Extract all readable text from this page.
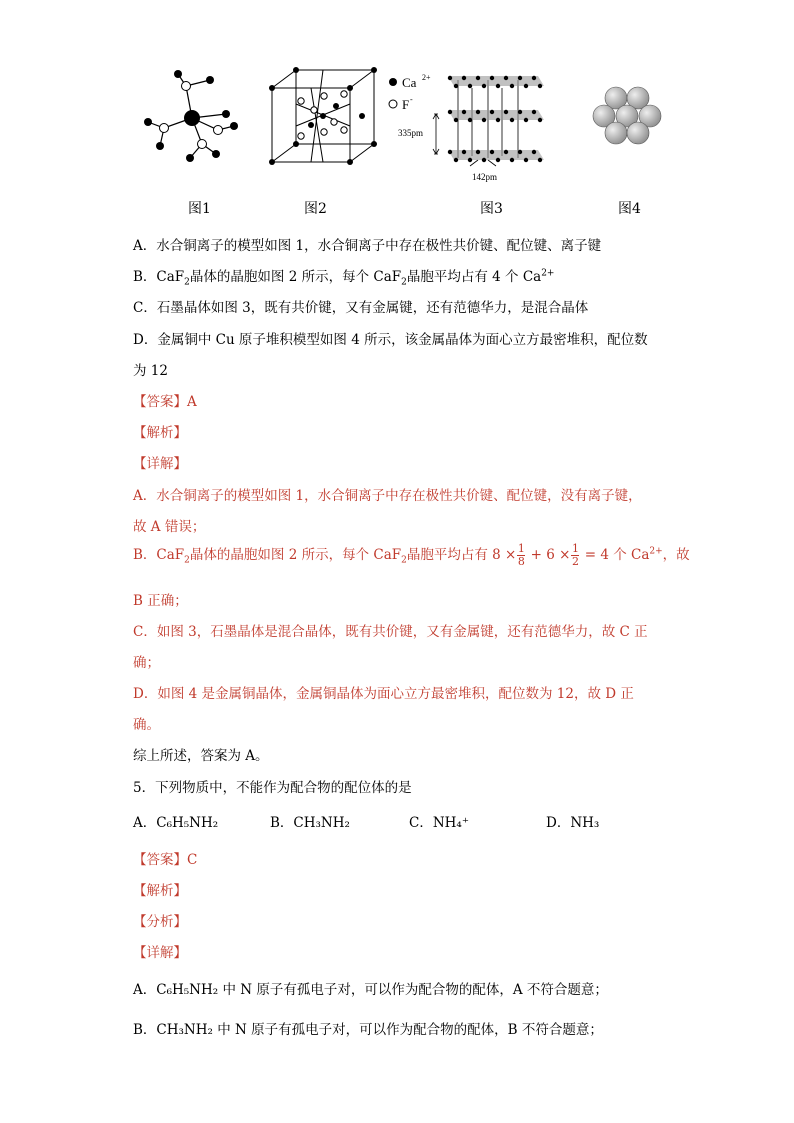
Ca 2+
F -
335pm
142pm
图1	图2	图3	图4
A．水合铜离子的模型如图 1，水合铜离子中存在极性共价键、配位键、离子键
B．CaF$_2$晶体的晶胞如图 2 所示，每个 CaF$_2$晶胞平均占有 4 个 $Ca^{2+}$
C．石墨晶体如图 3，既有共价键，又有金属键，还有范德华力，是混合晶体
D．金属铜中 Cu 原子堆积模型如图 4 所示，该金属晶体为面心立方最密堆积，配位数
为 12
【答案】A
【解析】
【详解】
A．水合铜离子的模型如图 1，水合铜离子中存在极性共价键、配位键，没有离子键，
故 A 错误；
B．CaF$_2$晶体的晶胞如图 2 所示，每个 CaF$_2$晶胞平均占有 $8 \times \frac{1}{8} + 6 \times \frac{1}{2} = 4$ 个 $Ca^{2+}$，故
B 正确；
C．如图 3，石墨晶体是混合晶体，既有共价键，又有金属键，还有范德华力，故 C 正
确；
D．如图 4 是金属铜晶体，金属铜晶体为面心立方最密堆积，配位数为 12，故 D 正
确。
综上所述，答案为 A。
5．下列物质中，不能作为配合物的配位体的是
A．C₆H₅NH₂	B．CH₃NH₂	C．NH₄⁺	D．NH₃
【答案】C
【解析】
【分析】
【详解】
A．C₆H₅NH₂ 中 N 原子有孤电子对，可以作为配合物的配体，A 不符合题意；
B．CH₃NH₂ 中 N 原子有孤电子对，可以作为配合物的配体，B 不符合题意；
